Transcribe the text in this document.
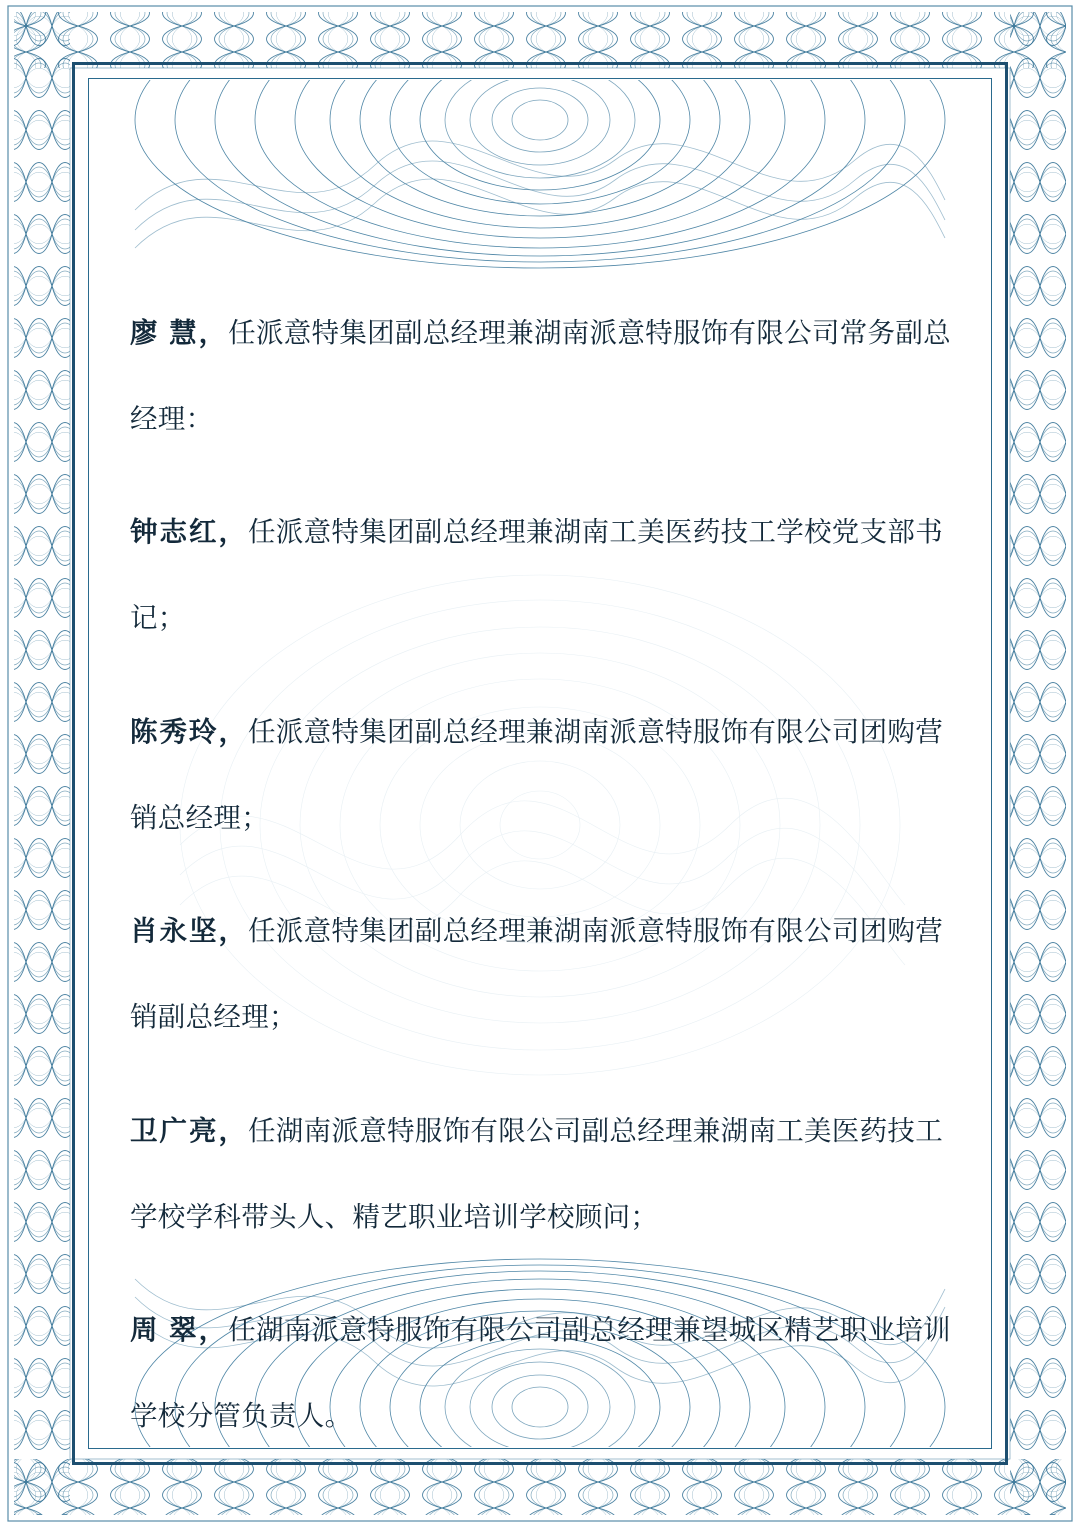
廖 慧，任派意特集团副总经理兼湖南派意特服饰有限公司常务副总经理：

钟志红，任派意特集团副总经理兼湖南工美医药技工学校党支部书记；

陈秀玲，任派意特集团副总经理兼湖南派意特服饰有限公司团购营销总经理；

肖永坚，任派意特集团副总经理兼湖南派意特服饰有限公司团购营销副总经理；

卫广亮，任湖南派意特服饰有限公司副总经理兼湖南工美医药技工学校学科带头人、精艺职业培训学校顾问；

周 翠，任湖南派意特服饰有限公司副总经理兼望城区精艺职业培训学校分管负责人。
